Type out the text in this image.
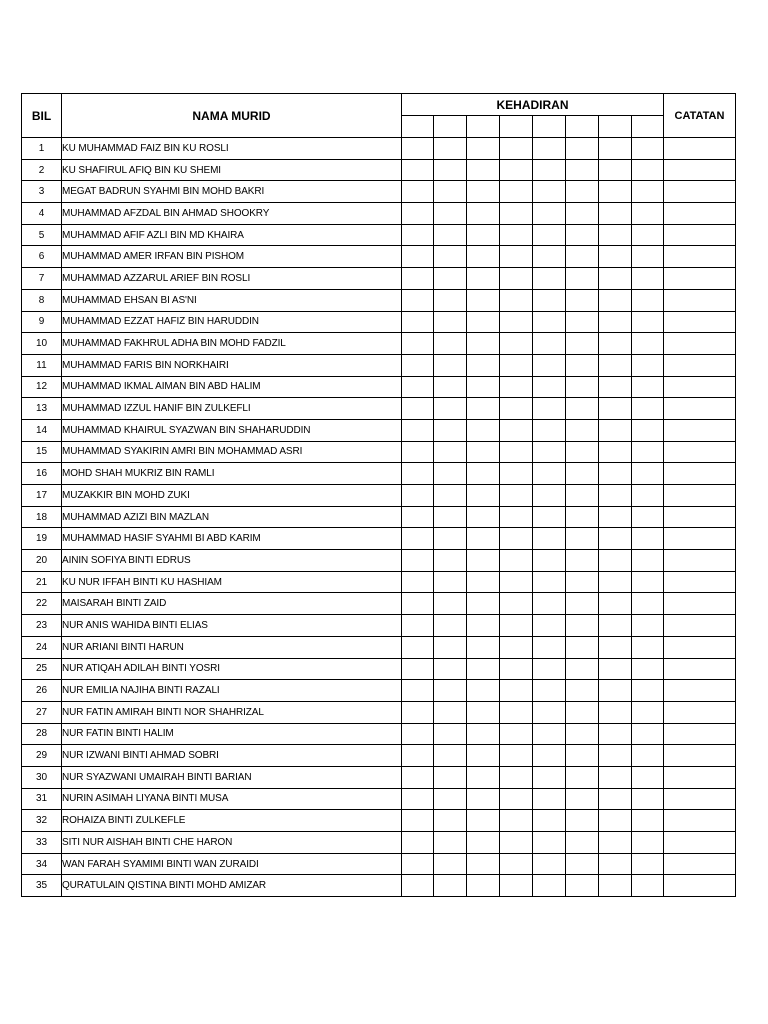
BIL	NAMA MURID	KEHADIRAN								CATATAN

1	KU MUHAMMAD FAIZ BIN KU ROSLI									
2	KU SHAFIRUL AFIQ BIN KU SHEMI									
3	MEGAT BADRUN SYAHMI BIN MOHD BAKRI									
4	MUHAMMAD AFZDAL BIN AHMAD SHOOKRY									
5	MUHAMMAD AFIF AZLI BIN MD KHAIRA									
6	MUHAMMAD AMER IRFAN BIN PISHOM									
7	MUHAMMAD AZZARUL ARIEF BIN ROSLI									
8	MUHAMMAD EHSAN BI AS'NI									
9	MUHAMMAD EZZAT HAFIZ BIN HARUDDIN									
10	MUHAMMAD FAKHRUL ADHA BIN MOHD FADZIL									
11	MUHAMMAD FARIS BIN NORKHAIRI									
12	MUHAMMAD IKMAL AIMAN BIN ABD HALIM									
13	MUHAMMAD IZZUL HANIF BIN ZULKEFLI									
14	MUHAMMAD KHAIRUL SYAZWAN BIN SHAHARUDDIN									
15	MUHAMMAD SYAKIRIN AMRI BIN MOHAMMAD ASRI									
16	MOHD SHAH MUKRIZ BIN RAMLI									
17	MUZAKKIR BIN MOHD ZUKI									
18	MUHAMMAD AZIZI BIN MAZLAN									
19	MUHAMMAD HASIF SYAHMI BI ABD KARIM									
20	AININ SOFIYA BINTI EDRUS									
21	KU NUR IFFAH BINTI KU HASHIAM									
22	MAISARAH BINTI ZAID									
23	NUR ANIS WAHIDA BINTI ELIAS									
24	NUR ARIANI BINTI HARUN									
25	NUR ATIQAH ADILAH BINTI YOSRI									
26	NUR EMILIA NAJIHA BINTI RAZALI									
27	NUR FATIN AMIRAH BINTI NOR SHAHRIZAL									
28	NUR FATIN BINTI HALIM									
29	NUR IZWANI BINTI AHMAD SOBRI									
30	NUR SYAZWANI UMAIRAH BINTI BARIAN									
31	NURIN ASIMAH LIYANA BINTI MUSA									
32	ROHAIZA BINTI ZULKEFLE									
33	SITI NUR AISHAH BINTI CHE HARON									
34	WAN FARAH SYAMIMI BINTI WAN ZURAIDI									
35	QURATULAIN QISTINA BINTI MOHD AMIZAR									
